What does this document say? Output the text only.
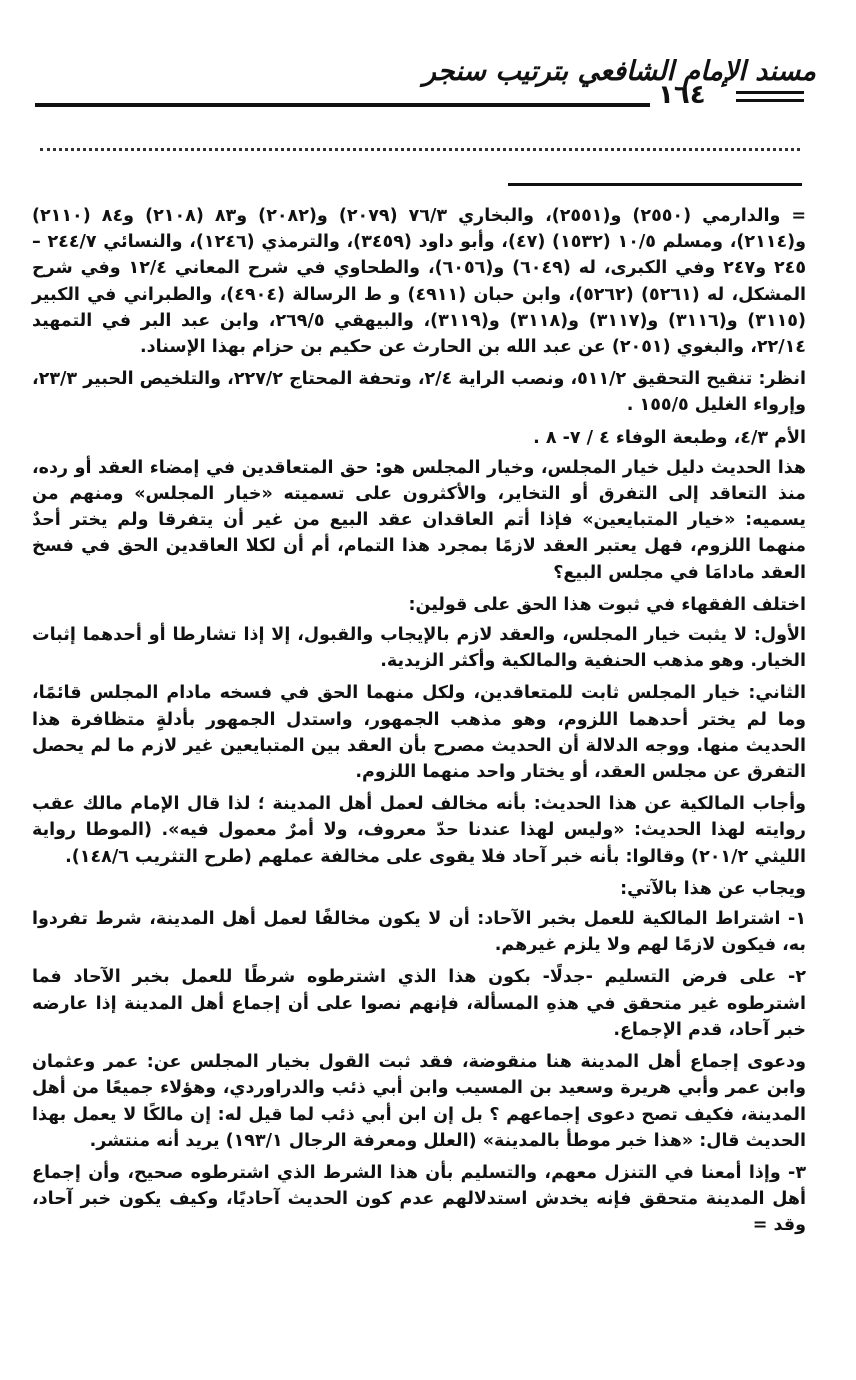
مسند الإمام الشافعي بترتيب سنجر
١٦٤

= والدارمي (٢٥٥٠) و(٢٥٥١)، والبخاري ٧٦/٣ (٢٠٧٩) و(٢٠٨٢) و٨٣ (٢١٠٨) و٨٤ (٢١١٠) و(٢١١٤)، ومسلم ١٠/٥ (١٥٣٢) (٤٧)، وأبو داود (٣٤٥٩)، والترمذي (١٢٤٦)، والنسائي ٢٤٤/٧ – ٢٤٥ و٢٤٧ وفي الكبرى، له (٦٠٤٩) و(٦٠٥٦)، والطحاوي في شرح المعاني ١٢/٤ وفي شرح المشكل، له (٥٢٦١) (٥٢٦٢)، وابن حبان (٤٩١١) و ط الرسالة (٤٩٠٤)، والطبراني في الكبير (٣١١٥) و(٣١١٦) و(٣١١٧) و(٣١١٨) و(٣١١٩)، والبيهقي ٢٦٩/٥، وابن عبد البر في التمهيد ٢٢/١٤، والبغوي (٢٠٥١) عن عبد الله بن الحارث عن حكيم بن حزام بهذا الإسناد.

انظر: تنقيح التحقيق ٥١١/٢، ونصب الراية ٢/٤، وتحفة المحتاج ٢٢٧/٢، والتلخيص الحبير ٢٣/٣، وإرواء الغليل ١٥٥/٥ .

الأم ٤/٣، وطبعة الوفاء ٤ / ٧- ٨ .

هذا الحديث دليل خيار المجلس، وخيار المجلس هو: حق المتعاقدين في إمضاء العقد أو رده، منذ التعاقد إلى التفرق أو التخاير، والأكثرون على تسميته «خيار المجلس» ومنهم من يسميه: «خيار المتبايعين» فإذا أتم العاقدان عقد البيع من غير أن يتفرقا ولم يختر أحدٌ منهما اللزوم، فهل يعتبر العقد لازمًا بمجرد هذا التمام، أم أن لكلا العاقدين الحق في فسخ العقد مادامَا في مجلس البيع؟

اختلف الفقهاء في ثبوت هذا الحق على قولين:

الأول: لا يثبت خيار المجلس، والعقد لازم بالإيجاب والقبول، إلا إذا تشارطا أو أحدهما إثبات الخيار. وهو مذهب الحنفية والمالكية وأكثر الزيدية.

الثاني: خيار المجلس ثابت للمتعاقدين، ولكل منهما الحق في فسخه مادام المجلس قائمًا، وما لم يختر أحدهما اللزوم، وهو مذهب الجمهور، واستدل الجمهور بأدلةٍ متظافرة هذا الحديث منها. ووجه الدلالة أن الحديث مصرح بأن العقد بين المتبايعين غير لازم ما لم يحصل التفرق عن مجلس العقد، أو يختار واحد منهما اللزوم.

وأجاب المالكية عن هذا الحديث: بأنه مخالف لعمل أهل المدينة ؛ لذا قال الإمام مالك عقب روايته لهذا الحديث: «وليس لهذا عندنا حدّ معروف، ولا أمرٌ معمول فيه». (الموطا رواية الليثي ٢٠١/٢) وقالوا: بأنه خبر آحاد فلا يقوى على مخالفة عملهم (طرح التثريب ١٤٨/٦).

ويجاب عن هذا بالآتي:

١- اشتراط المالكية للعمل بخبر الآحاد: أن لا يكون مخالفًا لعمل أهل المدينة، شرط تفردوا به، فيكون لازمًا لهم ولا يلزم غيرهم.

٢- على فرض التسليم -جدلًا- بكون هذا الذي اشترطوه شرطًا للعمل بخبر الآحاد فما اشترطوه غير متحقق في هذهِ المسألة، فإنهم نصوا على أن إجماع أهل المدينة إذا عارضه خبر آحاد، قدم الإجماع.

ودعوى إجماع أهل المدينة هنا منقوضة، فقد ثبت القول بخيار المجلس عن: عمر وعثمان وابن عمر وأبي هريرة وسعيد بن المسيب وابن أبي ذئب والدراوردي، وهؤلاء جميعًا من أهل المدينة، فكيف تصح دعوى إجماعهم ؟ بل إن ابن أبي ذئب لما قيل له: إن مالكًا لا يعمل بهذا الحديث قال: «هذا خبر موطأ بالمدينة» (العلل ومعرفة الرجال ١٩٣/١) يريد أنه منتشر.

٣- وإذا أمعنا في التنزل معهم، والتسليم بأن هذا الشرط الذي اشترطوه صحيح، وأن إجماع أهل المدينة متحقق فإنه يخدش استدلالهم عدم كون الحديث آحاديًا، وكيف يكون خبر آحاد، وقد =
